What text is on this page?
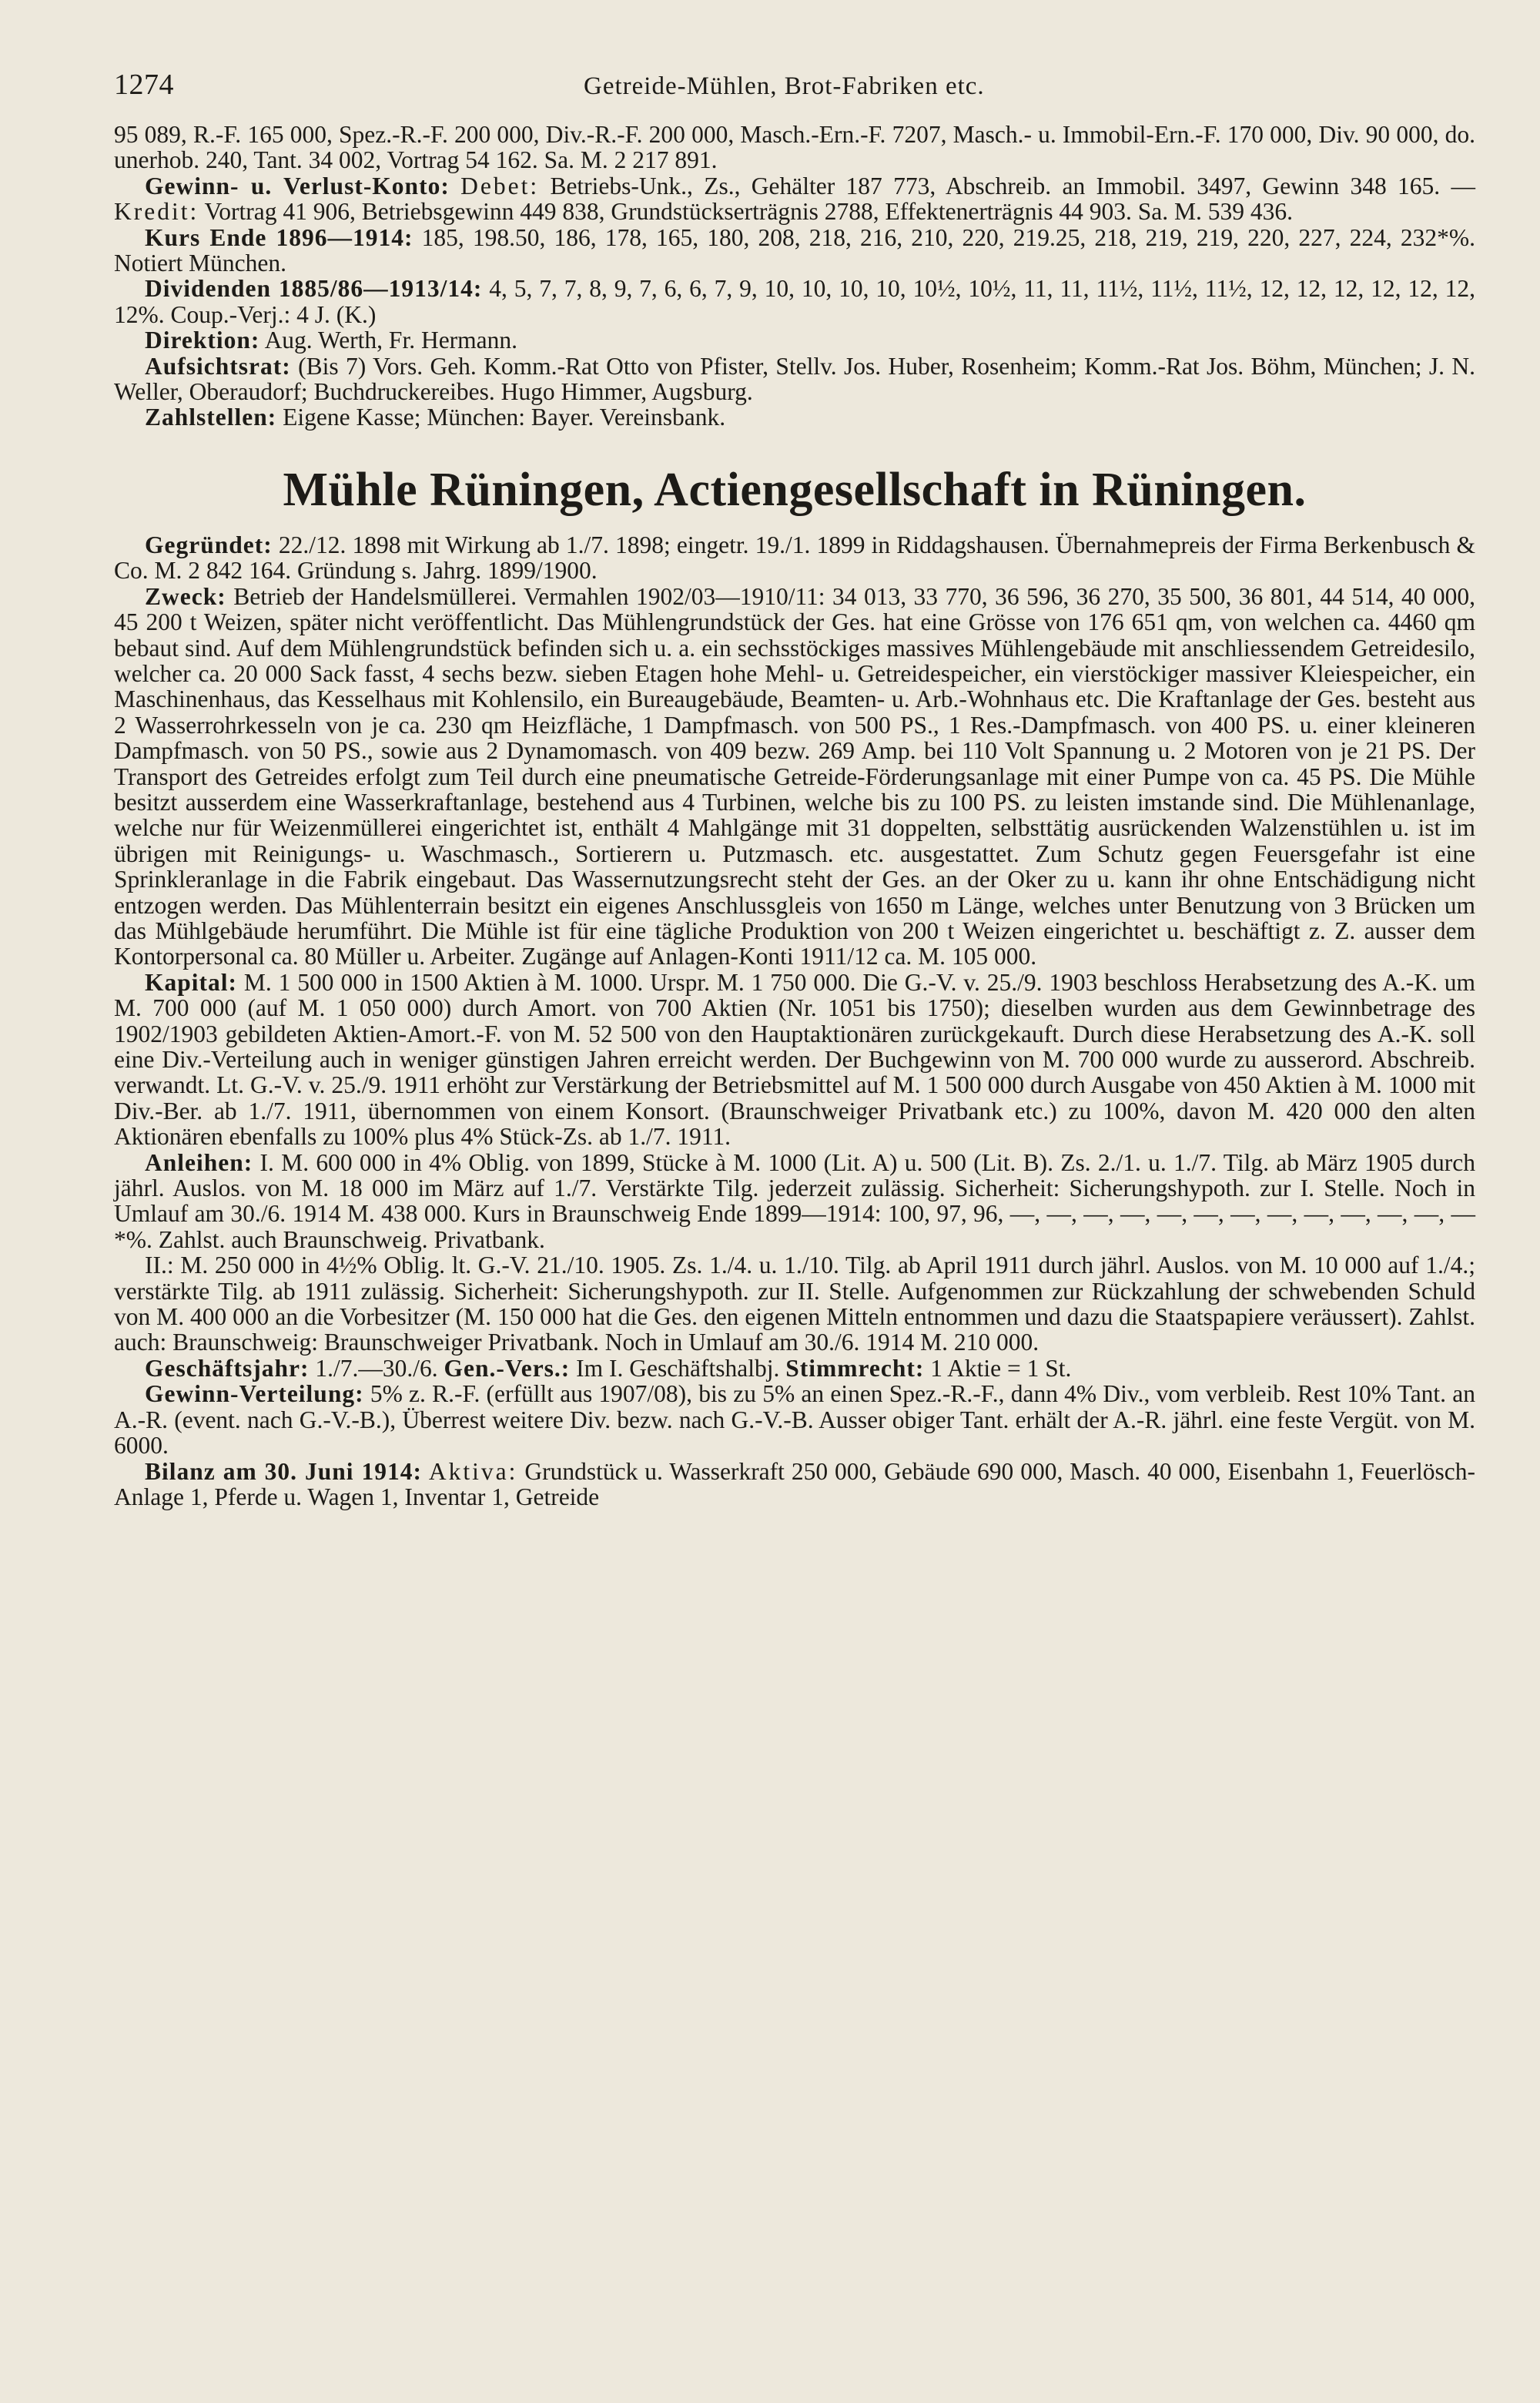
1274	Getreide-Mühlen, Brot-Fabriken etc.

95 089, R.-F. 165 000, Spez.-R.-F. 200 000, Div.-R.-F. 200 000, Masch.-Ern.-F. 7207, Masch.- u. Immobil-Ern.-F. 170 000, Div. 90 000, do. unerhob. 240, Tant. 34 002, Vortrag 54 162. Sa. M. 2 217 891.

Gewinn- u. Verlust-Konto: Debet: Betriebs-Unk., Zs., Gehälter 187 773, Abschreib. an Immobil. 3497, Gewinn 348 165. — Kredit: Vortrag 41 906, Betriebsgewinn 449 838, Grundstückserträgnis 2788, Effektenerträgnis 44 903. Sa. M. 539 436.

Kurs Ende 1896—1914: 185, 198.50, 186, 178, 165, 180, 208, 218, 216, 210, 220, 219.25, 218, 219, 219, 220, 227, 224, 232*%. Notiert München.

Dividenden 1885/86—1913/14: 4, 5, 7, 7, 8, 9, 7, 6, 6, 7, 9, 10, 10, 10, 10, 10½, 10½, 11, 11, 11½, 11½, 11½, 12, 12, 12, 12, 12, 12, 12%. Coup.-Verj.: 4 J. (K.)

Direktion: Aug. Werth, Fr. Hermann.

Aufsichtsrat: (Bis 7) Vors. Geh. Komm.-Rat Otto von Pfister, Stellv. Jos. Huber, Rosenheim; Komm.-Rat Jos. Böhm, München; J. N. Weller, Oberaudorf; Buchdruckereibes. Hugo Himmer, Augsburg.

Zahlstellen: Eigene Kasse; München: Bayer. Vereinsbank.

Mühle Rüningen, Actiengesellschaft in Rüningen.

Gegründet: 22./12. 1898 mit Wirkung ab 1./7. 1898; eingetr. 19./1. 1899 in Riddagshausen. Übernahmepreis der Firma Berkenbusch & Co. M. 2 842 164. Gründung s. Jahrg. 1899/1900.

Zweck: Betrieb der Handelsmüllerei. Vermahlen 1902/03—1910/11: 34 013, 33 770, 36 596, 36 270, 35 500, 36 801, 44 514, 40 000, 45 200 t Weizen, später nicht veröffentlicht. Das Mühlengrundstück der Ges. hat eine Grösse von 176 651 qm, von welchen ca. 4460 qm bebaut sind. Auf dem Mühlengrundstück befinden sich u. a. ein sechsstöckiges massives Mühlengebäude mit anschliessendem Getreidesilo, welcher ca. 20 000 Sack fasst, 4 sechs bezw. sieben Etagen hohe Mehl- u. Getreidespeicher, ein vierstöckiger massiver Kleiespeicher, ein Maschinenhaus, das Kesselhaus mit Kohlensilo, ein Bureaugebäude, Beamten- u. Arb.-Wohnhaus etc. Die Kraftanlage der Ges. besteht aus 2 Wasserrohrkesseln von je ca. 230 qm Heizfläche, 1 Dampfmasch. von 500 PS., 1 Res.-Dampfmasch. von 400 PS. u. einer kleineren Dampfmasch. von 50 PS., sowie aus 2 Dynamomasch. von 409 bezw. 269 Amp. bei 110 Volt Spannung u. 2 Motoren von je 21 PS. Der Transport des Getreides erfolgt zum Teil durch eine pneumatische Getreide-Förderungsanlage mit einer Pumpe von ca. 45 PS. Die Mühle besitzt ausserdem eine Wasserkraftanlage, bestehend aus 4 Turbinen, welche bis zu 100 PS. zu leisten imstande sind. Die Mühlenanlage, welche nur für Weizenmüllerei eingerichtet ist, enthält 4 Mahlgänge mit 31 doppelten, selbsttätig ausrückenden Walzenstühlen u. ist im übrigen mit Reinigungs- u. Waschmasch., Sortierern u. Putzmasch. etc. ausgestattet. Zum Schutz gegen Feuersgefahr ist eine Sprinkleranlage in die Fabrik eingebaut. Das Wassernutzungsrecht steht der Ges. an der Oker zu u. kann ihr ohne Entschädigung nicht entzogen werden. Das Mühlenterrain besitzt ein eigenes Anschlussgleis von 1650 m Länge, welches unter Benutzung von 3 Brücken um das Mühlgebäude herumführt. Die Mühle ist für eine tägliche Produktion von 200 t Weizen eingerichtet u. beschäftigt z. Z. ausser dem Kontorpersonal ca. 80 Müller u. Arbeiter. Zugänge auf Anlagen-Konti 1911/12 ca. M. 105 000.

Kapital: M. 1 500 000 in 1500 Aktien à M. 1000. Urspr. M. 1 750 000. Die G.-V. v. 25./9. 1903 beschloss Herabsetzung des A.-K. um M. 700 000 (auf M. 1 050 000) durch Amort. von 700 Aktien (Nr. 1051 bis 1750); dieselben wurden aus dem Gewinnbetrage des 1902/1903 gebildeten Aktien-Amort.-F. von M. 52 500 von den Hauptaktionären zurückgekauft. Durch diese Herabsetzung des A.-K. soll eine Div.-Verteilung auch in weniger günstigen Jahren erreicht werden. Der Buchgewinn von M. 700 000 wurde zu ausserord. Abschreib. verwandt. Lt. G.-V. v. 25./9. 1911 erhöht zur Verstärkung der Betriebsmittel auf M. 1 500 000 durch Ausgabe von 450 Aktien à M. 1000 mit Div.-Ber. ab 1./7. 1911, übernommen von einem Konsort. (Braunschweiger Privatbank etc.) zu 100%, davon M. 420 000 den alten Aktionären ebenfalls zu 100% plus 4% Stück-Zs. ab 1./7. 1911.

Anleihen: I. M. 600 000 in 4% Oblig. von 1899, Stücke à M. 1000 (Lit. A) u. 500 (Lit. B). Zs. 2./1. u. 1./7. Tilg. ab März 1905 durch jährl. Auslos. von M. 18 000 im März auf 1./7. Verstärkte Tilg. jederzeit zulässig. Sicherheit: Sicherungshypoth. zur I. Stelle. Noch in Umlauf am 30./6. 1914 M. 438 000. Kurs in Braunschweig Ende 1899—1914: 100, 97, 96, —, —, —, —, —, —, —, —, —, —, —, —, —*%. Zahlst. auch Braunschweig. Privatbank.

II.: M. 250 000 in 4½% Oblig. lt. G.-V. 21./10. 1905. Zs. 1./4. u. 1./10. Tilg. ab April 1911 durch jährl. Auslos. von M. 10 000 auf 1./4.; verstärkte Tilg. ab 1911 zulässig. Sicherheit: Sicherungshypoth. zur II. Stelle. Aufgenommen zur Rückzahlung der schwebenden Schuld von M. 400 000 an die Vorbesitzer (M. 150 000 hat die Ges. den eigenen Mitteln entnommen und dazu die Staatspapiere veräussert). Zahlst. auch: Braunschweig: Braunschweiger Privatbank. Noch in Umlauf am 30./6. 1914 M. 210 000.

Geschäftsjahr: 1./7.—30./6. Gen.-Vers.: Im I. Geschäftshalbj. Stimmrecht: 1 Aktie = 1 St.

Gewinn-Verteilung: 5% z. R.-F. (erfüllt aus 1907/08), bis zu 5% an einen Spez.-R.-F., dann 4% Div., vom verbleib. Rest 10% Tant. an A.-R. (event. nach G.-V.-B.), Überrest weitere Div. bezw. nach G.-V.-B. Ausser obiger Tant. erhält der A.-R. jährl. eine feste Vergüt. von M. 6000.

Bilanz am 30. Juni 1914: Aktiva: Grundstück u. Wasserkraft 250 000, Gebäude 690 000, Masch. 40 000, Eisenbahn 1, Feuerlösch-Anlage 1, Pferde u. Wagen 1, Inventar 1, Getreide
